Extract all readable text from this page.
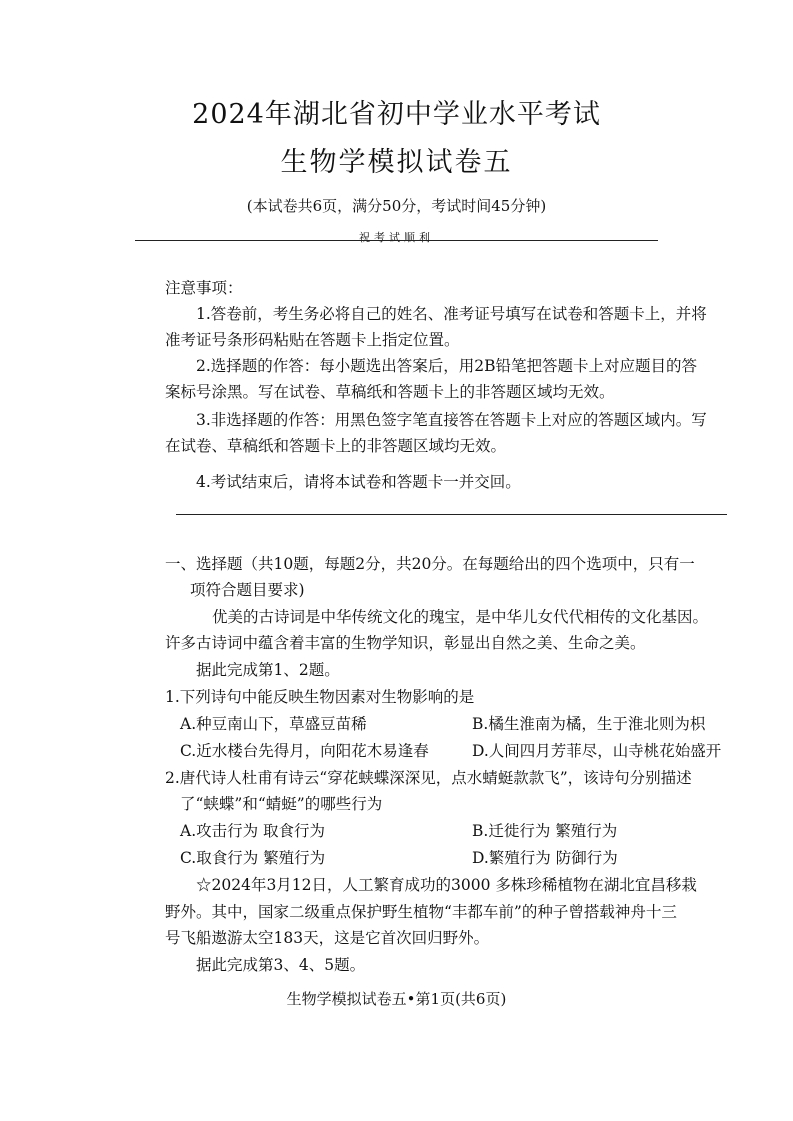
2024年湖北省初中学业水平考试
生物学模拟试卷五
(本试卷共6页，满分50分，考试时间45分钟)
祝考试顺利
注意事项：
1.答卷前，考生务必将自己的姓名、准考证号填写在试卷和答题卡上，并将
准考证号条形码粘贴在答题卡上指定位置。
2.选择题的作答：每小题选出答案后，用2B铅笔把答题卡上对应题目的答
案标号涂黑。写在试卷、草稿纸和答题卡上的非答题区域均无效。
3.非选择题的作答：用黑色签字笔直接答在答题卡上对应的答题区域内。写
在试卷、草稿纸和答题卡上的非答题区域均无效。
4.考试结束后，请将本试卷和答题卡一并交回。
一、选择题（共10题，每题2分，共20分。在每题给出的四个选项中，只有一
项符合题目要求)
优美的古诗词是中华传统文化的瑰宝，是中华儿女代代相传的文化基因。
许多古诗词中蕴含着丰富的生物学知识，彰显出自然之美、生命之美。
据此完成第1、2题。
1.下列诗句中能反映生物因素对生物影响的是
A.种豆南山下，草盛豆苗稀	B.橘生淮南为橘，生于淮北则为枳
C.近水楼台先得月，向阳花木易逢春	D.人间四月芳菲尽，山寺桃花始盛开
2.唐代诗人杜甫有诗云“穿花蛱蝶深深见，点水蜻蜓款款飞”，该诗句分别描述
了“蛱蝶”和“蜻蜓”的哪些行为
A.攻击行为 取食行为	B.迁徙行为 繁殖行为
C.取食行为 繁殖行为	D.繁殖行为 防御行为
☆2024年3月12日，人工繁育成功的3000 多株珍稀植物在湖北宜昌移栽
野外。其中，国家二级重点保护野生植物“丰都车前”的种子曾搭载神舟十三
号飞船遨游太空183天，这是它首次回归野外。
据此完成第3、4、5题。
生物学模拟试卷五•第1页(共6页)
